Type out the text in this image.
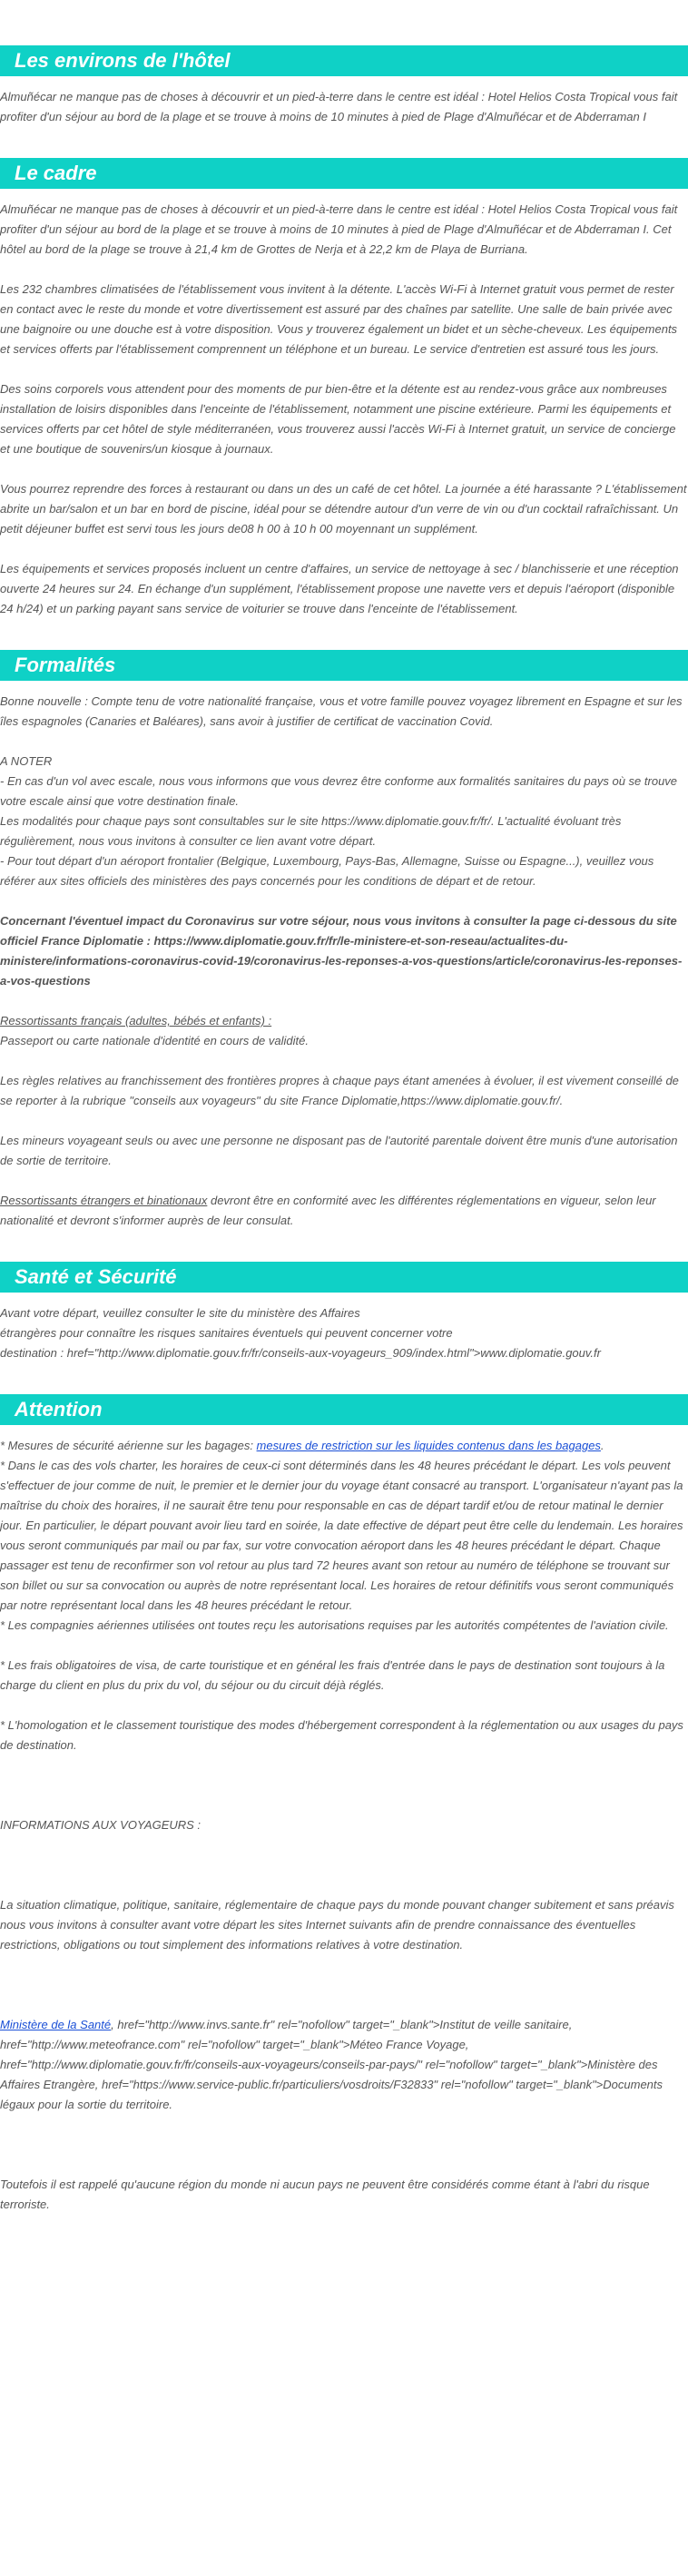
Les environs de l'hôtel

Almuñécar ne manque pas de choses à découvrir et un pied-à-terre dans le centre est idéal : Hotel Helios Costa Tropical vous fait profiter d'un séjour au bord de la plage et se trouve à moins de 10 minutes à pied de Plage d'Almuñécar et de Abderraman I

Le cadre

Almuñécar ne manque pas de choses à découvrir et un pied-à-terre dans le centre est idéal : Hotel Helios Costa Tropical vous fait profiter d'un séjour au bord de la plage et se trouve à moins de 10 minutes à pied de Plage d'Almuñécar et de Abderraman I. Cet hôtel au bord de la plage se trouve à 21,4 km de Grottes de Nerja et à 22,2 km de Playa de Burriana.

Les 232 chambres climatisées de l'établissement vous invitent à la détente. L'accès Wi-Fi à Internet gratuit vous permet de rester en contact avec le reste du monde et votre divertissement est assuré par des chaînes par satellite. Une salle de bain privée avec une baignoire ou une douche est à votre disposition. Vous y trouverez également un bidet et un sèche-cheveux. Les équipements et services offerts par l'établissement comprennent un téléphone et un bureau. Le service d'entretien est assuré tous les jours.

Des soins corporels vous attendent pour des moments de pur bien-être et la détente est au rendez-vous grâce aux nombreuses installation de loisirs disponibles dans l'enceinte de l'établissement, notamment une piscine extérieure. Parmi les équipements et services offerts par cet hôtel de style méditerranéen, vous trouverez aussi l'accès Wi-Fi à Internet gratuit, un service de concierge et une boutique de souvenirs/un kiosque à journaux.

Vous pourrez reprendre des forces à restaurant ou dans un des un café de cet hôtel. La journée a été harassante ? L'établissement abrite un bar/salon et un bar en bord de piscine, idéal pour se détendre autour d'un verre de vin ou d'un cocktail rafraîchissant. Un petit déjeuner buffet est servi tous les jours de08 h 00 à 10 h 00 moyennant un supplément.

Les équipements et services proposés incluent un centre d'affaires, un service de nettoyage à sec / blanchisserie et une réception ouverte 24 heures sur 24. En échange d'un supplément, l'établissement propose une navette vers et depuis l'aéroport (disponible 24 h/24) et un parking payant sans service de voiturier se trouve dans l'enceinte de l'établissement.

Formalités

Bonne nouvelle : Compte tenu de votre nationalité française, vous et votre famille pouvez voyagez librement en Espagne et sur les îles espagnoles (Canaries et Baléares), sans avoir à justifier de certificat de vaccination Covid.

A NOTER

- En cas d'un vol avec escale, nous vous informons que vous devrez être conforme aux formalités sanitaires du pays où se trouve votre escale ainsi que votre destination finale.

Les modalités pour chaque pays sont consultables sur le site https://www.diplomatie.gouv.fr/fr/. L'actualité évoluant très régulièrement, nous vous invitons à consulter ce lien avant votre départ.

- Pour tout départ d'un aéroport frontalier (Belgique, Luxembourg, Pays-Bas, Allemagne, Suisse ou Espagne...), veuillez vous référer aux sites officiels des ministères des pays concernés pour les conditions de départ et de retour.

Concernant l'éventuel impact du Coronavirus sur votre séjour, nous vous invitons à consulter la page ci-dessous du site officiel France Diplomatie : https://www.diplomatie.gouv.fr/fr/le-ministere-et-son-reseau/actualites-du-ministere/informations-coronavirus-covid-19/coronavirus-les-reponses-a-vos-questions/article/coronavirus-les-reponses-a-vos-questions

Ressortissants français (adultes, bébés et enfants) :

Passeport ou carte nationale d'identité en cours de validité.

Les règles relatives au franchissement des frontières propres à chaque pays étant amenées à évoluer, il est vivement conseillé de se reporter à la rubrique "conseils aux voyageurs" du site France Diplomatie,https://www.diplomatie.gouv.fr/.

Les mineurs voyageant seuls ou avec une personne ne disposant pas de l'autorité parentale doivent être munis d'une autorisation de sortie de territoire.

Ressortissants étrangers et binationaux devront être en conformité avec les différentes réglementations en vigueur, selon leur nationalité et devront s'informer auprès de leur consulat.

Santé et Sécurité

Avant votre départ, veuillez consulter le site du ministère des Affaires

étrangères pour connaître les risques sanitaires éventuels qui peuvent concerner votre

destination : href="http://www.diplomatie.gouv.fr/fr/conseils-aux-voyageurs_909/index.html">www.diplomatie.gouv.fr

Attention

* Mesures de sécurité aérienne sur les bagages: mesures de restriction sur les liquides contenus dans les bagages.

* Dans le cas des vols charter, les horaires de ceux-ci sont déterminés dans les 48 heures précédant le départ. Les vols peuvent s'effectuer de jour comme de nuit, le premier et le dernier jour du voyage étant consacré au transport. L'organisateur n'ayant pas la maîtrise du choix des horaires, il ne saurait être tenu pour responsable en cas de départ tardif et/ou de retour matinal le dernier jour. En particulier, le départ pouvant avoir lieu tard en soirée, la date effective de départ peut être celle du lendemain. Les horaires vous seront communiqués par mail ou par fax, sur votre convocation aéroport dans les 48 heures précédant le départ. Chaque passager est tenu de reconfirmer son vol retour au plus tard 72 heures avant son retour au numéro de téléphone se trouvant sur son billet ou sur sa convocation ou auprès de notre représentant local. Les horaires de retour définitifs vous seront communiqués par notre représentant local dans les 48 heures précédant le retour.

* Les compagnies aériennes utilisées ont toutes reçu les autorisations requises par les autorités compétentes de l'aviation civile.

* Les frais obligatoires de visa, de carte touristique et en général les frais d'entrée dans le pays de destination sont toujours à la charge du client en plus du prix du vol, du séjour ou du circuit déjà réglés.

* L'homologation et le classement touristique des modes d'hébergement correspondent à la réglementation ou aux usages du pays de destination.

INFORMATIONS AUX VOYAGEURS :

La situation climatique, politique, sanitaire, réglementaire de chaque pays du monde pouvant changer subitement et sans préavis

nous vous invitons à consulter avant votre départ les sites Internet suivants afin de prendre connaissance des éventuelles restrictions, obligations ou tout simplement des informations relatives à votre destination.

Ministère de la Santé, href="http://www.invs.sante.fr" rel="nofollow" target="_blank">Institut de veille sanitaire, href="http://www.meteofrance.com" rel="nofollow" target="_blank">Méteo France Voyage, href="http://www.diplomatie.gouv.fr/fr/conseils-aux-voyageurs/conseils-par-pays/" rel="nofollow" target="_blank">Ministère des Affaires Etrangère, href="https://www.service-public.fr/particuliers/vosdroits/F32833" rel="nofollow" target="_blank">Documents légaux pour la sortie du territoire.

Toutefois il est rappelé qu'aucune région du monde ni aucun pays ne peuvent être considérés comme étant à l'abri du risque terroriste.
